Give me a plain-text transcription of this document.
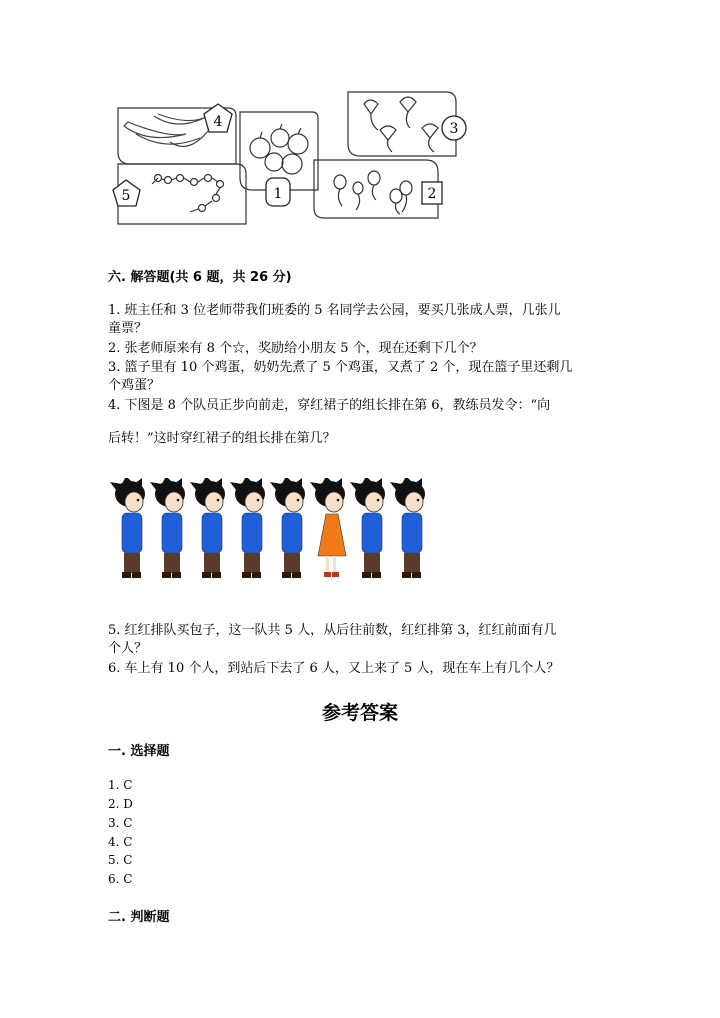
4	3
5	1	2
六. 解答题(共 6 题，共 26 分)
1. 班主任和 3 位老师带我们班委的 5 名同学去公园，要买几张成人票，几张儿
童票？
2. 张老师原来有 8 个☆，奖励给小朋友 5 个，现在还剩下几个？
3. 篮子里有 10 个鸡蛋，奶奶先煮了 5 个鸡蛋，又煮了 2 个，现在篮子里还剩几
个鸡蛋？
4. 下图是 8 个队员正步向前走，穿红裙子的组长排在第 6，教练员发令：“向
后转！”这时穿红裙子的组长排在第几？
5. 红红排队买包子，这一队共 5 人，从后往前数，红红排第 3，红红前面有几
个人？
6. 车上有 10 个人，到站后下去了 6 人，又上来了 5 人，现在车上有几个人？
参考答案
一. 选择题
1. C
2. D
3. C
4. C
5. C
6. C
二. 判断题
